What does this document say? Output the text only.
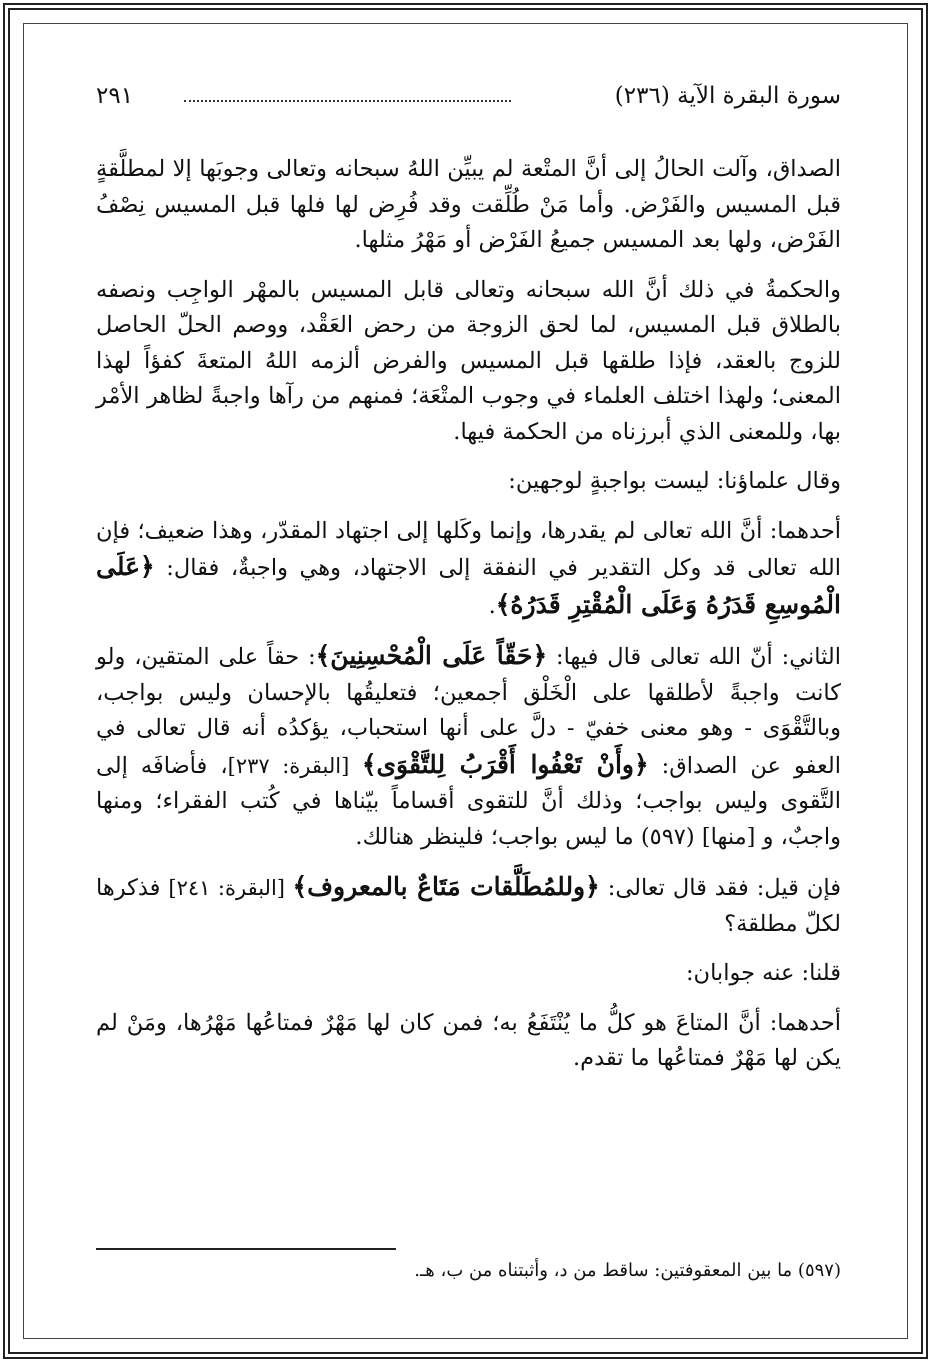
سورة البقرة الآية (٢٣٦)
٢٩١

الصداق، وآلت الحالُ إلى أنَّ المتْعة لم يبيِّن اللهُ سبحانه وتعالى وجوبَها إلا لمطلَّقةٍ قبل المسيس والفَرْض. وأما مَنْ طُلِّقت وقد فُرِض لها فلها قبل المسيس نِصْفُ الفَرْض، ولها بعد المسيس جميعُ الفَرْض أو مَهْرُ مثلها.

والحكمةُ في ذلك أنَّ الله سبحانه وتعالى قابل المسيس بالمهْر الواجِب ونصفه بالطلاق قبل المسيس، لما لحق الزوجة من رحض العَقْد، ووصم الحلّ الحاصل للزوج بالعقد، فإذا طلقها قبل المسيس والفرض ألزمه اللهُ المتعةَ كفؤاً لهذا المعنى؛ ولهذا اختلف العلماء في وجوب المتْعَة؛ فمنهم من رآها واجبةً لظاهر الأمْر بها، وللمعنى الذي أبرزناه من الحكمة فيها.

وقال علماؤنا: ليست بواجبةٍ لوجهين:

أحدهما: أنَّ الله تعالى لم يقدرها، وإنما وكَلها إلى اجتهاد المقدّر، وهذا ضعيف؛ فإن الله تعالى قد وكل التقدير في النفقة إلى الاجتهاد، وهي واجبةٌ، فقال: ﴿عَلَى الْمُوسِعِ قَدَرُهُ وَعَلَى الْمُقْتِرِ قَدَرُهُ﴾.

الثاني: أنّ الله تعالى قال فيها: ﴿حَقّاً عَلَى الْمُحْسِنِينَ﴾: حقاً على المتقين، ولو كانت واجبةً لأطلقها على الْخَلْق أجمعين؛ فتعليقُها بالإحسان وليس بواجب، وبالتَّقْوَى - وهو معنى خفيّ - دلَّ على أنها استحباب، يؤكدُه أنه قال تعالى في العفو عن الصداق: ﴿وأَنْ تَعْفُوا أَقْرَبُ لِلتَّقْوَى﴾ [البقرة: ٢٣٧]، فأضافَه إلى التَّقوى وليس بواجب؛ وذلك أنَّ للتقوى أقساماً بيّناها في كُتب الفقراء؛ ومنها واجبٌ، و [منها] (٥٩٧) ما ليس بواجب؛ فلينظر هنالك.

فإن قيل: فقد قال تعالى: ﴿وللمُطَلَّقات مَتَاعٌ بالمعروف﴾ [البقرة: ٢٤١] فذكرها لكلّ مطلقة؟

قلنا: عنه جوابان:

أحدهما: أنَّ المتاعَ هو كلُّ ما يُنْتَفَعُ به؛ فمن كان لها مَهْرٌ فمتاعُها مَهْرُها، ومَنْ لم يكن لها مَهْرٌ فمتاعُها ما تقدم.

(٥٩٧) ما بين المعقوفتين: ساقط من د، وأثبتناه من ب، هـ.
